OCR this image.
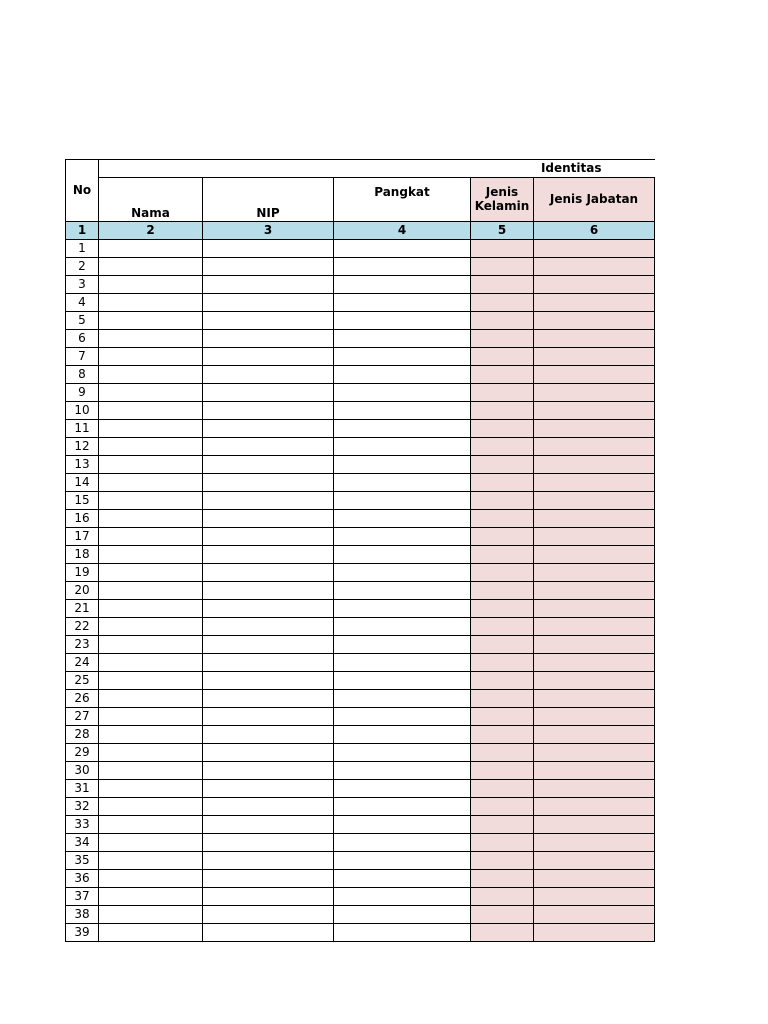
No	Identitas				
	Nama	NIP	Pangkat	Jenis Kelamin	Jenis Jabatan
1	2	3	4	5	6
1					
2					
3					
4					
5					
6					
7					
8					
9					
10					
11					
12					
13					
14					
15					
16					
17					
18					
19					
20					
21					
22					
23					
24					
25					
26					
27					
28					
29					
30					
31					
32					
33					
34					
35					
36					
37					
38					
39					
